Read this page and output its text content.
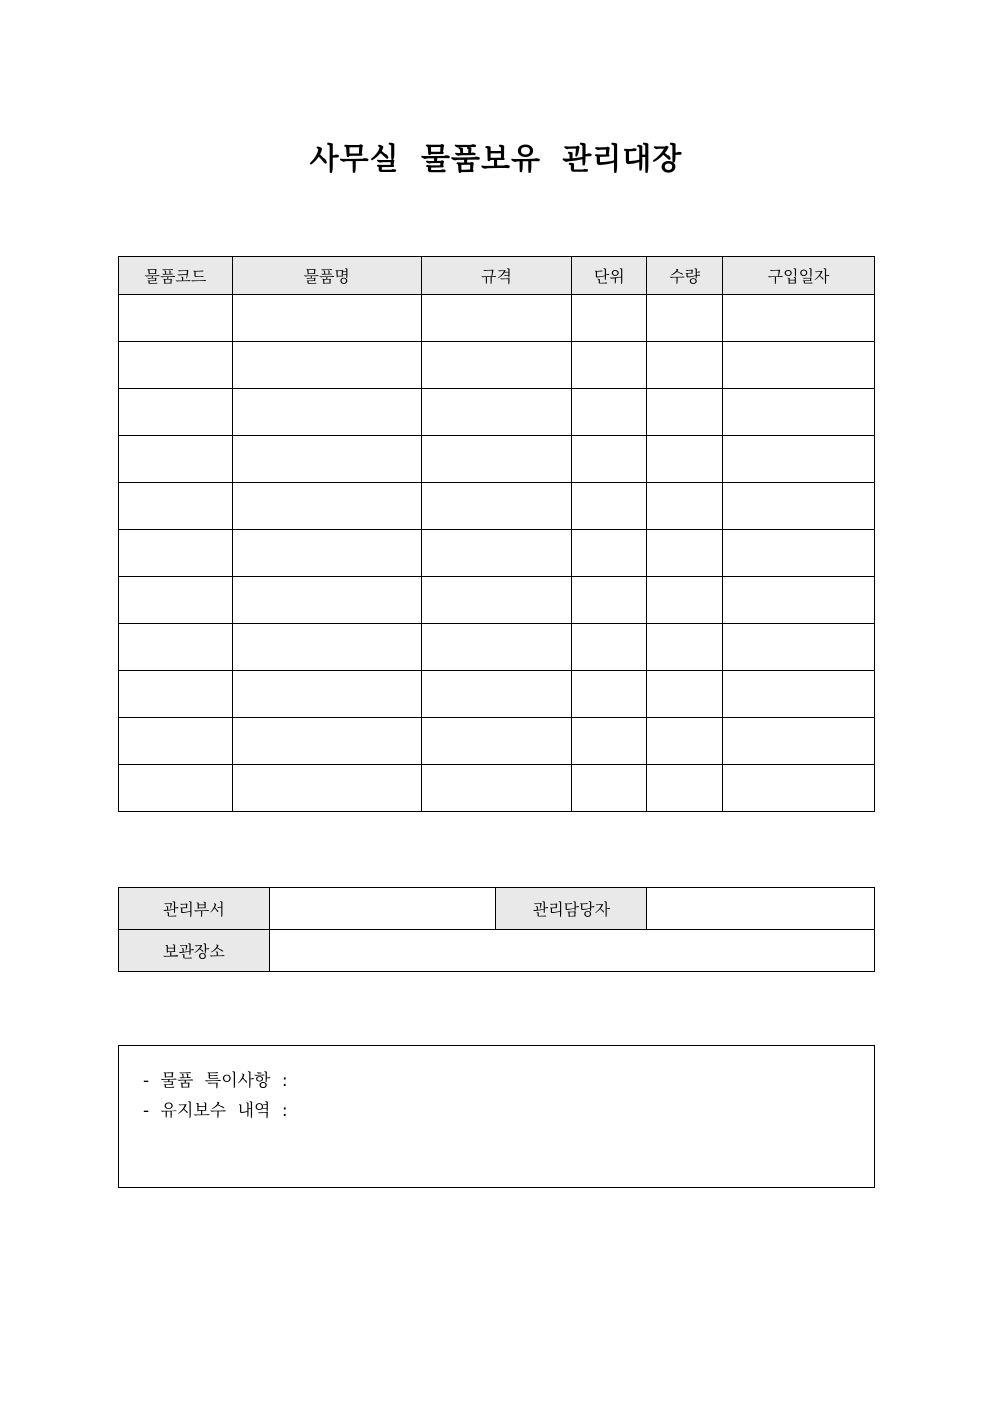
사무실 물품보유 관리대장
물품코드	물품명	규격	단위	수량	구입일자

관리부서		관리담당자	
보관장소			
- 물품 특이사항 :
- 유지보수 내역 :
